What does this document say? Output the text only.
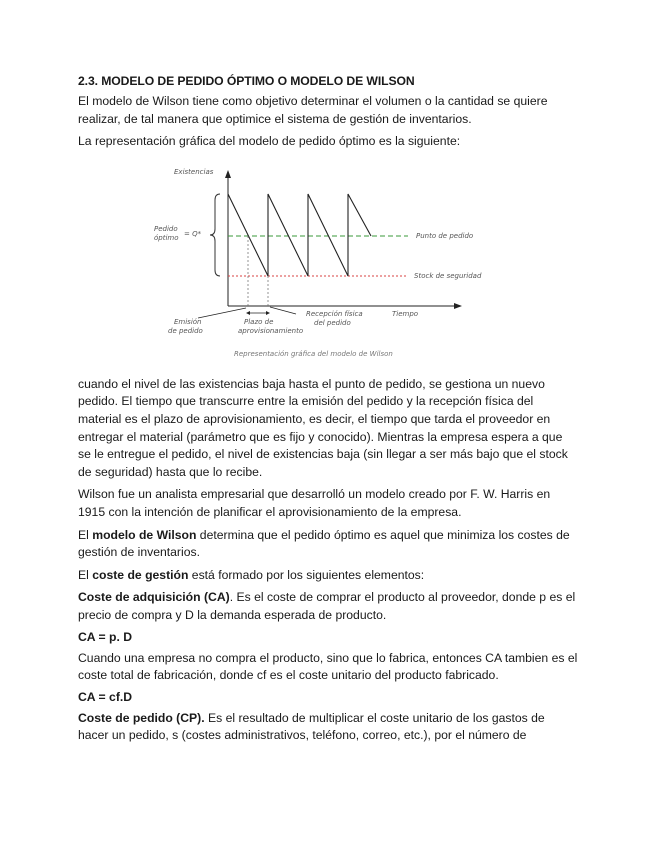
2.3. MODELO DE PEDIDO ÓPTIMO O MODELO DE WILSON

El modelo de Wilson tiene como objetivo determinar el volumen o la cantidad se quiere realizar, de tal manera que optimice el sistema de gestión de inventarios.

La representación gráfica del modelo de pedido óptimo es la siguiente:

Existencias
Tiempo
Pedido
óptimo = Q*	Punto de pedido
Stock de seguridad
Emisión
de pedido
Plazo de
aprovisionamiento
Recepción física
del pedido
Representación gráfica del modelo de Wilson

cuando el nivel de las existencias baja hasta el punto de pedido, se gestiona un nuevo pedido. El tiempo que transcurre entre la emisión del pedido y la recepción física del material es el plazo de aprovisionamiento, es decir, el tiempo que tarda el proveedor en entregar el material (parámetro que es fijo y conocido). Mientras la empresa espera a que se le entregue el pedido, el nivel de existencias baja (sin llegar a ser más bajo que el stock de seguridad) hasta que lo recibe.

Wilson fue un analista empresarial que desarrolló un modelo creado por F. W. Harris en 1915 con la intención de planificar el aprovisionamiento de la empresa.

El modelo de Wilson determina que el pedido óptimo es aquel que minimiza los costes de gestión de inventarios.

El coste de gestión está formado por los siguientes elementos:

Coste de adquisición (CA). Es el coste de comprar el producto al proveedor, donde p es el precio de compra y D la demanda esperada de producto.

CA = p. D

Cuando una empresa no compra el producto, sino que lo fabrica, entonces CA tambien es el coste total de fabricación, donde cf es el coste unitario del producto fabricado.

CA = cf.D

Coste de pedido (CP). Es el resultado de multiplicar el coste unitario de los gastos de hacer un pedido, s (costes administrativos, teléfono, correo, etc.), por el número de
